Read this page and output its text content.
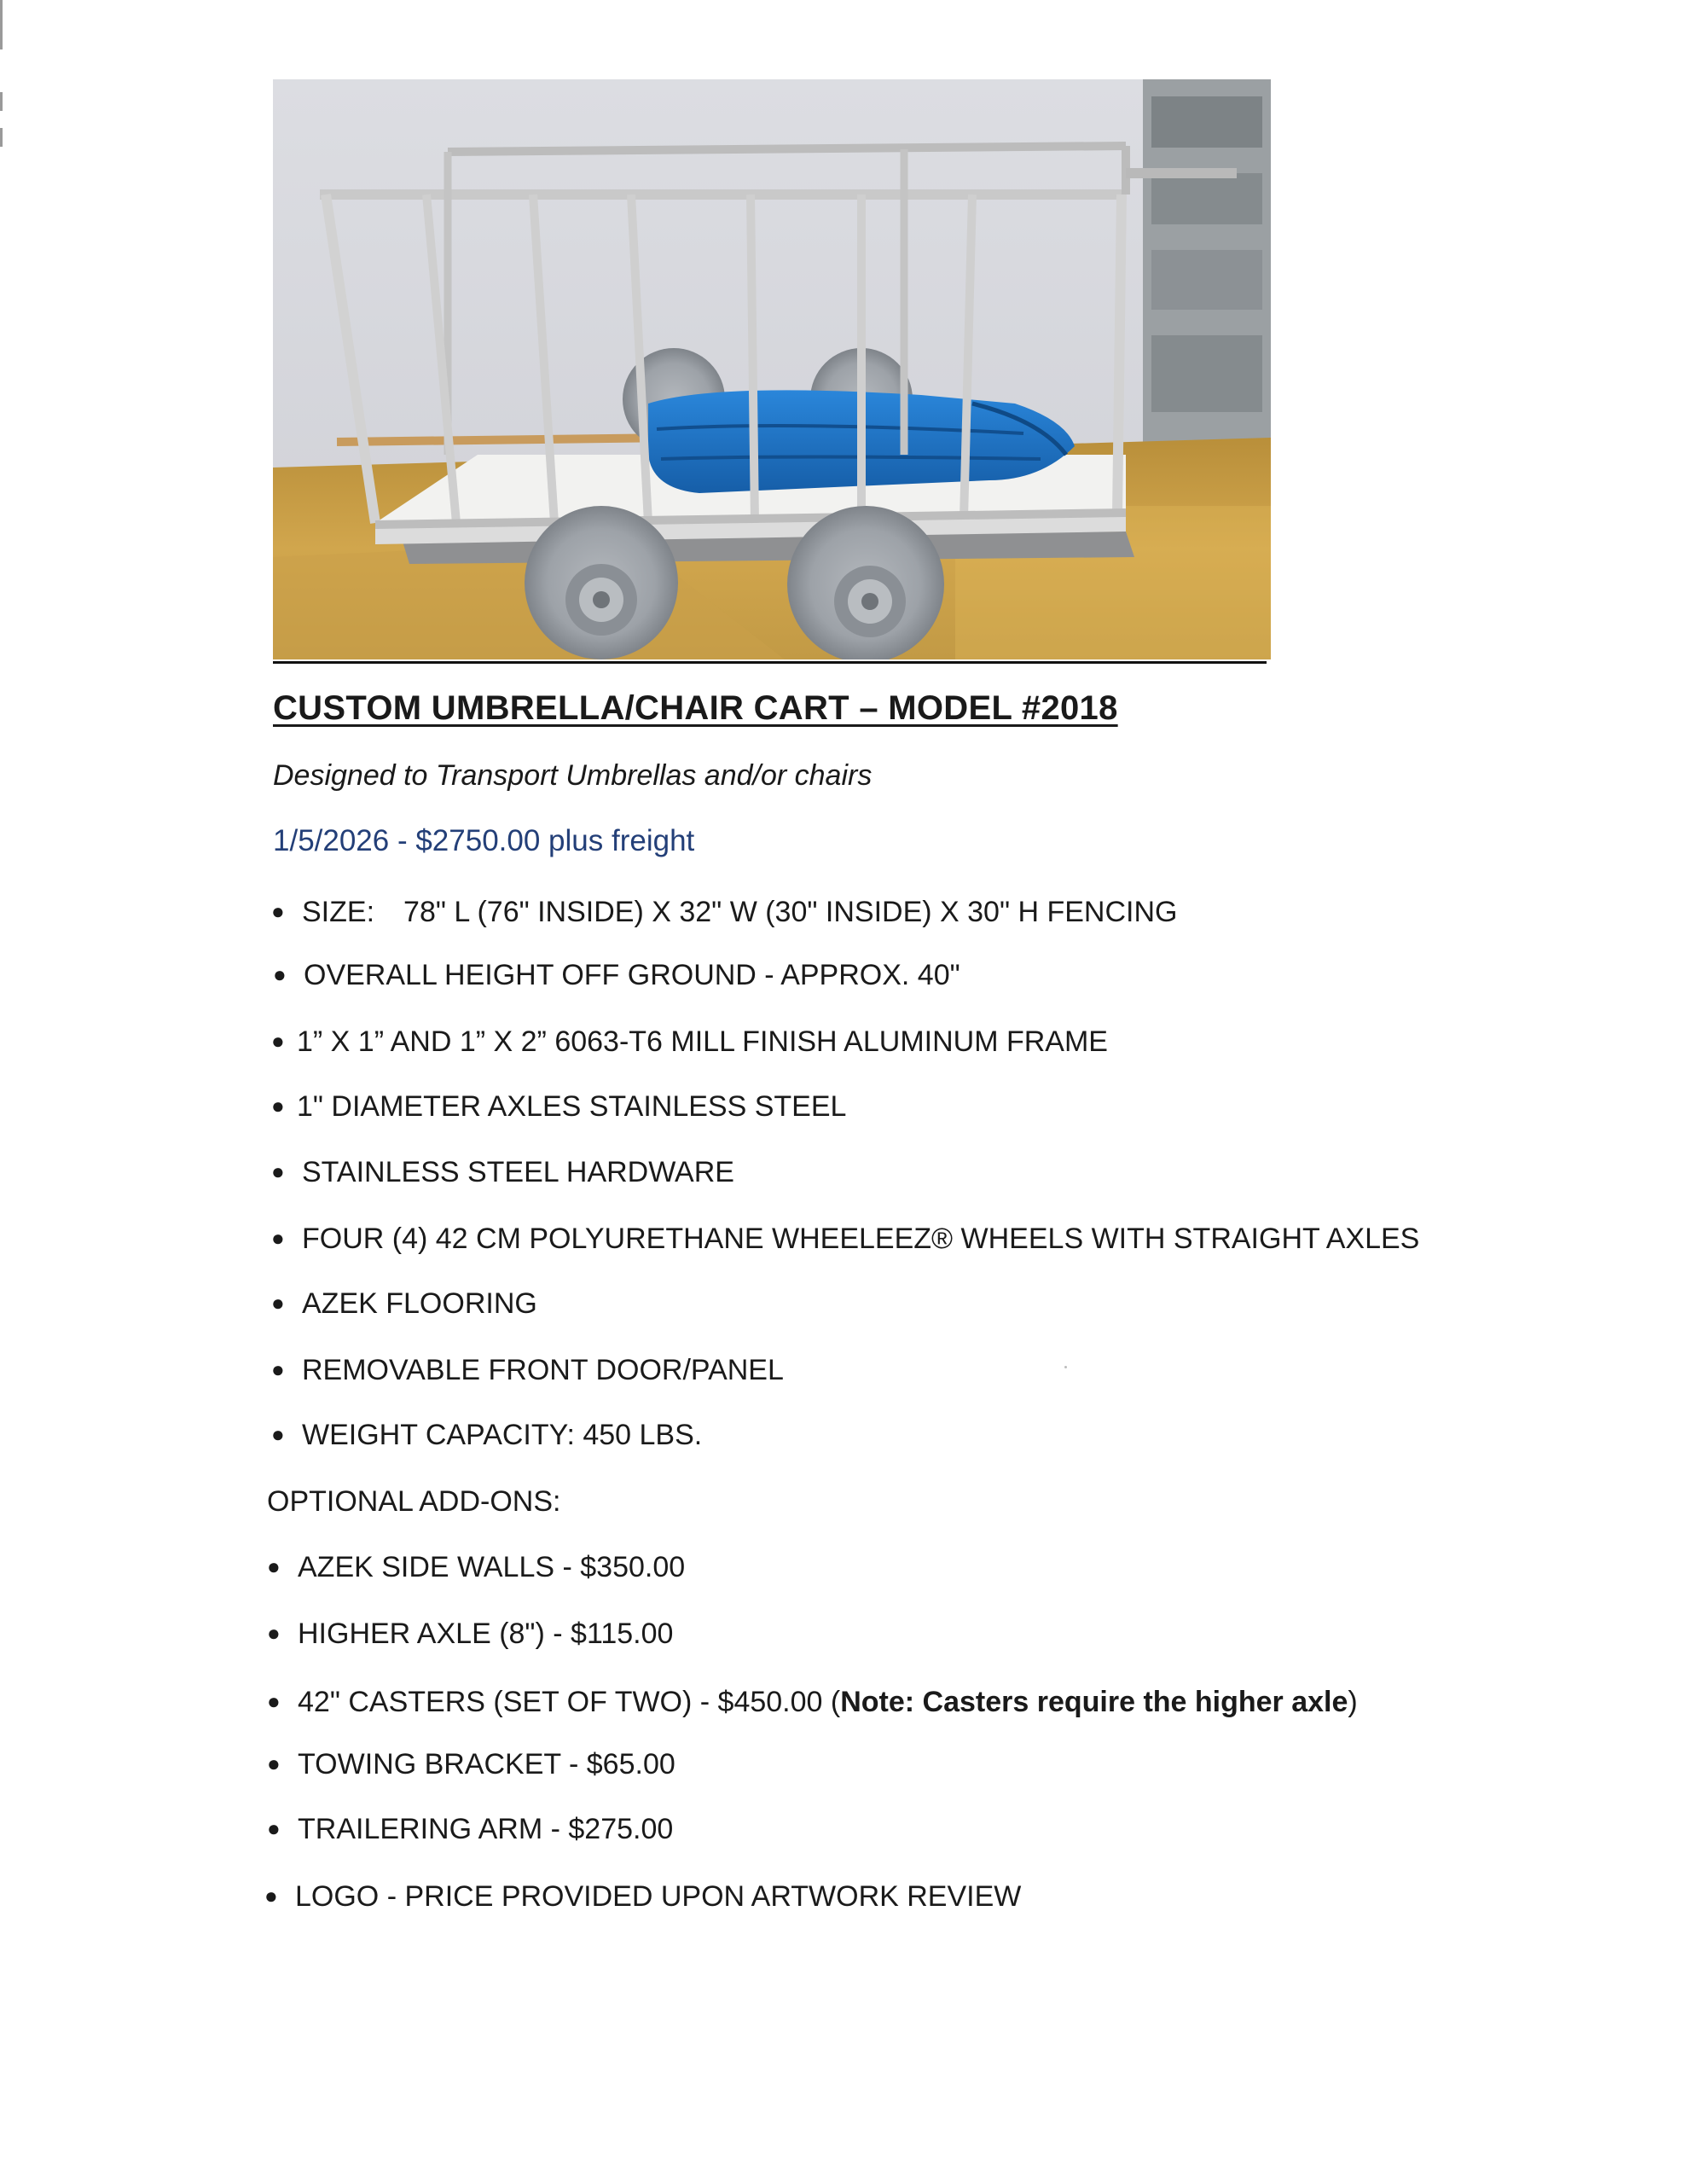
CUSTOM UMBRELLA/CHAIR CART – MODEL #2018
Designed to Transport Umbrellas and/or chairs
1/5/2026 - $2750.00 plus freight
● SIZE: 78" L (76" INSIDE) X 32" W (30" INSIDE) X 30" H FENCING
● OVERALL HEIGHT OFF GROUND - APPROX. 40"
● 1” X 1” AND 1” X 2” 6063-T6 MILL FINISH ALUMINUM FRAME
● 1" DIAMETER AXLES STAINLESS STEEL
● STAINLESS STEEL HARDWARE
● FOUR (4) 42 CM POLYURETHANE WHEELEEZ® WHEELS WITH STRAIGHT AXLES
● AZEK FLOORING
● REMOVABLE FRONT DOOR/PANEL
● WEIGHT CAPACITY: 450 LBS.
OPTIONAL ADD-ONS:
● AZEK SIDE WALLS - $350.00
● HIGHER AXLE (8") - $115.00
● 42" CASTERS (SET OF TWO) - $450.00 (Note: Casters require the higher axle)
● TOWING BRACKET - $65.00
● TRAILERING ARM - $275.00
● LOGO - PRICE PROVIDED UPON ARTWORK REVIEW
